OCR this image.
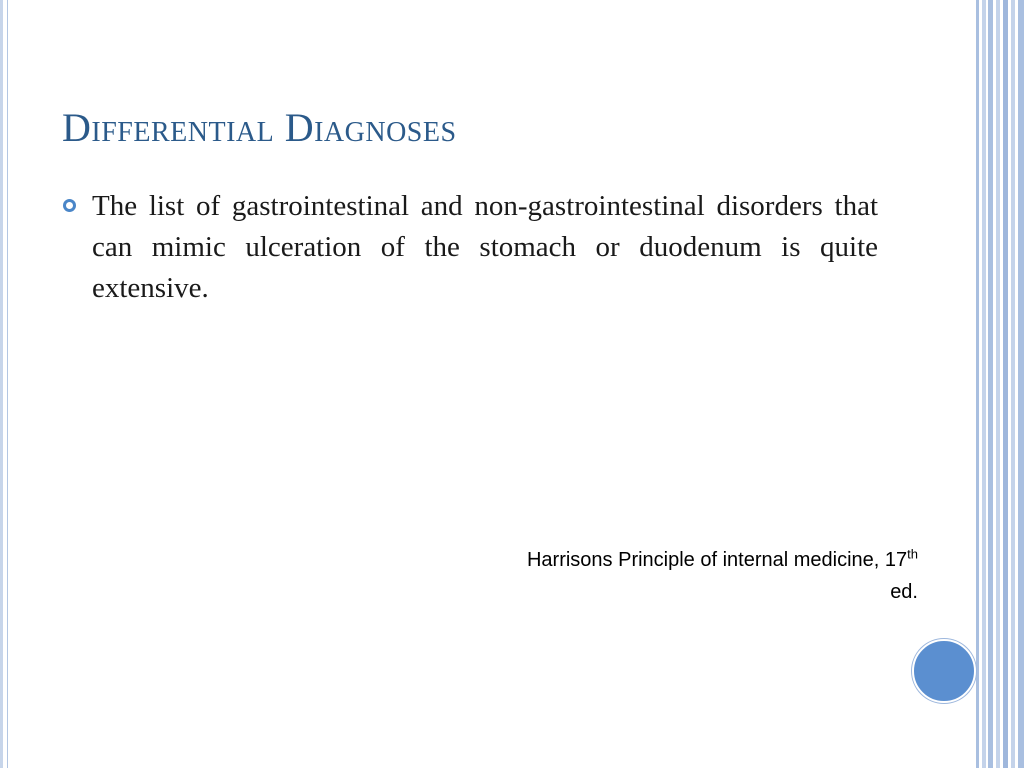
Differential Diagnoses

The list of gastrointestinal and non-gastrointestinal disorders that can mimic ulceration of the stomach or duodenum is quite extensive.

Harrisons Principle of internal medicine, 17th
ed.
